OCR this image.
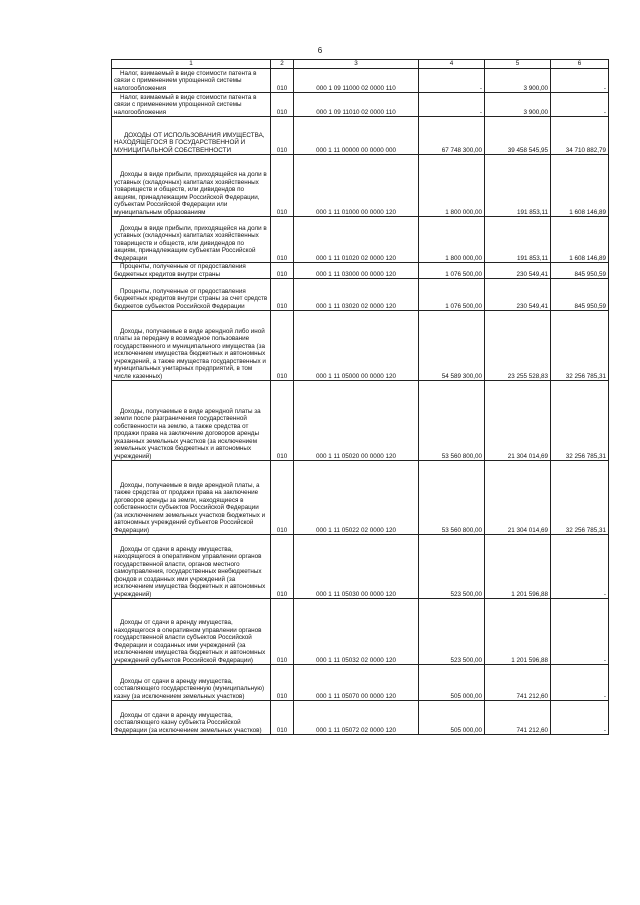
6
1	2	3	4	5	6

Налог, взимаемый в виде стоимости патента в связи с применением упрощенной системы налогообложения	010	000 1 09 11000 02 0000 110	-	3 900,00	-

Налог, взимаемый в виде стоимости патента в связи с применением упрощенной системы налогообложения	010	000 1 09 11010 02 0000 110	-	3 900,00	-

ДОХОДЫ ОТ ИСПОЛЬЗОВАНИЯ ИМУЩЕСТВА, НАХОДЯЩЕГОСЯ В ГОСУДАРСТВЕННОЙ И МУНИЦИПАЛЬНОЙ СОБСТВЕННОСТИ	010	000 1 11 00000 00 0000 000	67 748 300,00	39 458 545,95	34 710 882,79

Доходы в виде прибыли, приходящейся на доли в уставных (складочных) капиталах хозяйственных товариществ и обществ, или дивидендов по акциям, принадлежащим Российской Федерации, субъектам Российской Федерации или муниципальным образованиям	010	000 1 11 01000 00 0000 120	1 800 000,00	191 853,11	1 608 146,89

Доходы в виде прибыли, приходящейся на доли в уставных (складочных) капиталах хозяйственных товариществ и обществ, или дивидендов по акциям, принадлежащим субъектам Российской Федерации	010	000 1 11 01020 02 0000 120	1 800 000,00	191 853,11	1 608 146,89

Проценты, полученные от предоставления бюджетных кредитов внутри страны	010	000 1 11 03000 00 0000 120	1 076 500,00	230 549,41	845 950,59

Проценты, полученные от предоставления бюджетных кредитов внутри страны за счет средств бюджетов субъектов Российской Федерации	010	000 1 11 03020 02 0000 120	1 076 500,00	230 549,41	845 950,59

Доходы, получаемые в виде арендной либо иной платы за передачу в возмездное пользование государственного и муниципального имущества (за исключением имущества бюджетных и автономных учреждений, а также имущества государственных и муниципальных унитарных предприятий, в том числе казенных)	010	000 1 11 05000 00 0000 120	54 589 300,00	23 255 528,83	32 256 785,31

Доходы, получаемые в виде арендной платы за земли после разграничения государственной собственности на землю, а также средства от продажи права на заключение договоров аренды указанных земельных участков (за исключением земельных участков бюджетных и автономных учреждений)	010	000 1 11 05020 00 0000 120	53 560 800,00	21 304 014,69	32 256 785,31

Доходы, получаемые в виде арендной платы, а также средства от продажи права на заключение договоров аренды за земли, находящиеся в собственности субъектов Российской Федерации (за исключением земельных участков бюджетных и автономных учреждений субъектов Российской Федерации)	010	000 1 11 05022 02 0000 120	53 560 800,00	21 304 014,69	32 256 785,31

Доходы от сдачи в аренду имущества, находящегося в оперативном управлении органов государственной власти, органов местного самоуправления, государственных внебюджетных фондов и созданных ими учреждений (за исключением имущества бюджетных и автономных учреждений)	010	000 1 11 05030 00 0000 120	523 500,00	1 201 596,88	-

Доходы от сдачи в аренду имущества, находящегося в оперативном управлении органов государственной власти субъектов Российской Федерации и созданных ими учреждений (за исключением имущества бюджетных и автономных учреждений субъектов Российской Федерации)	010	000 1 11 05032 02 0000 120	523 500,00	1 201 596,88	-

Доходы от сдачи в аренду имущества, составляющего государственную (муниципальную) казну (за исключением земельных участков)	010	000 1 11 05070 00 0000 120	505 000,00	741 212,60	-

Доходы от сдачи в аренду имущества, составляющего казну субъекта Российской Федерации (за исключением земельных участков)	010	000 1 11 05072 02 0000 120	505 000,00	741 212,60	-
